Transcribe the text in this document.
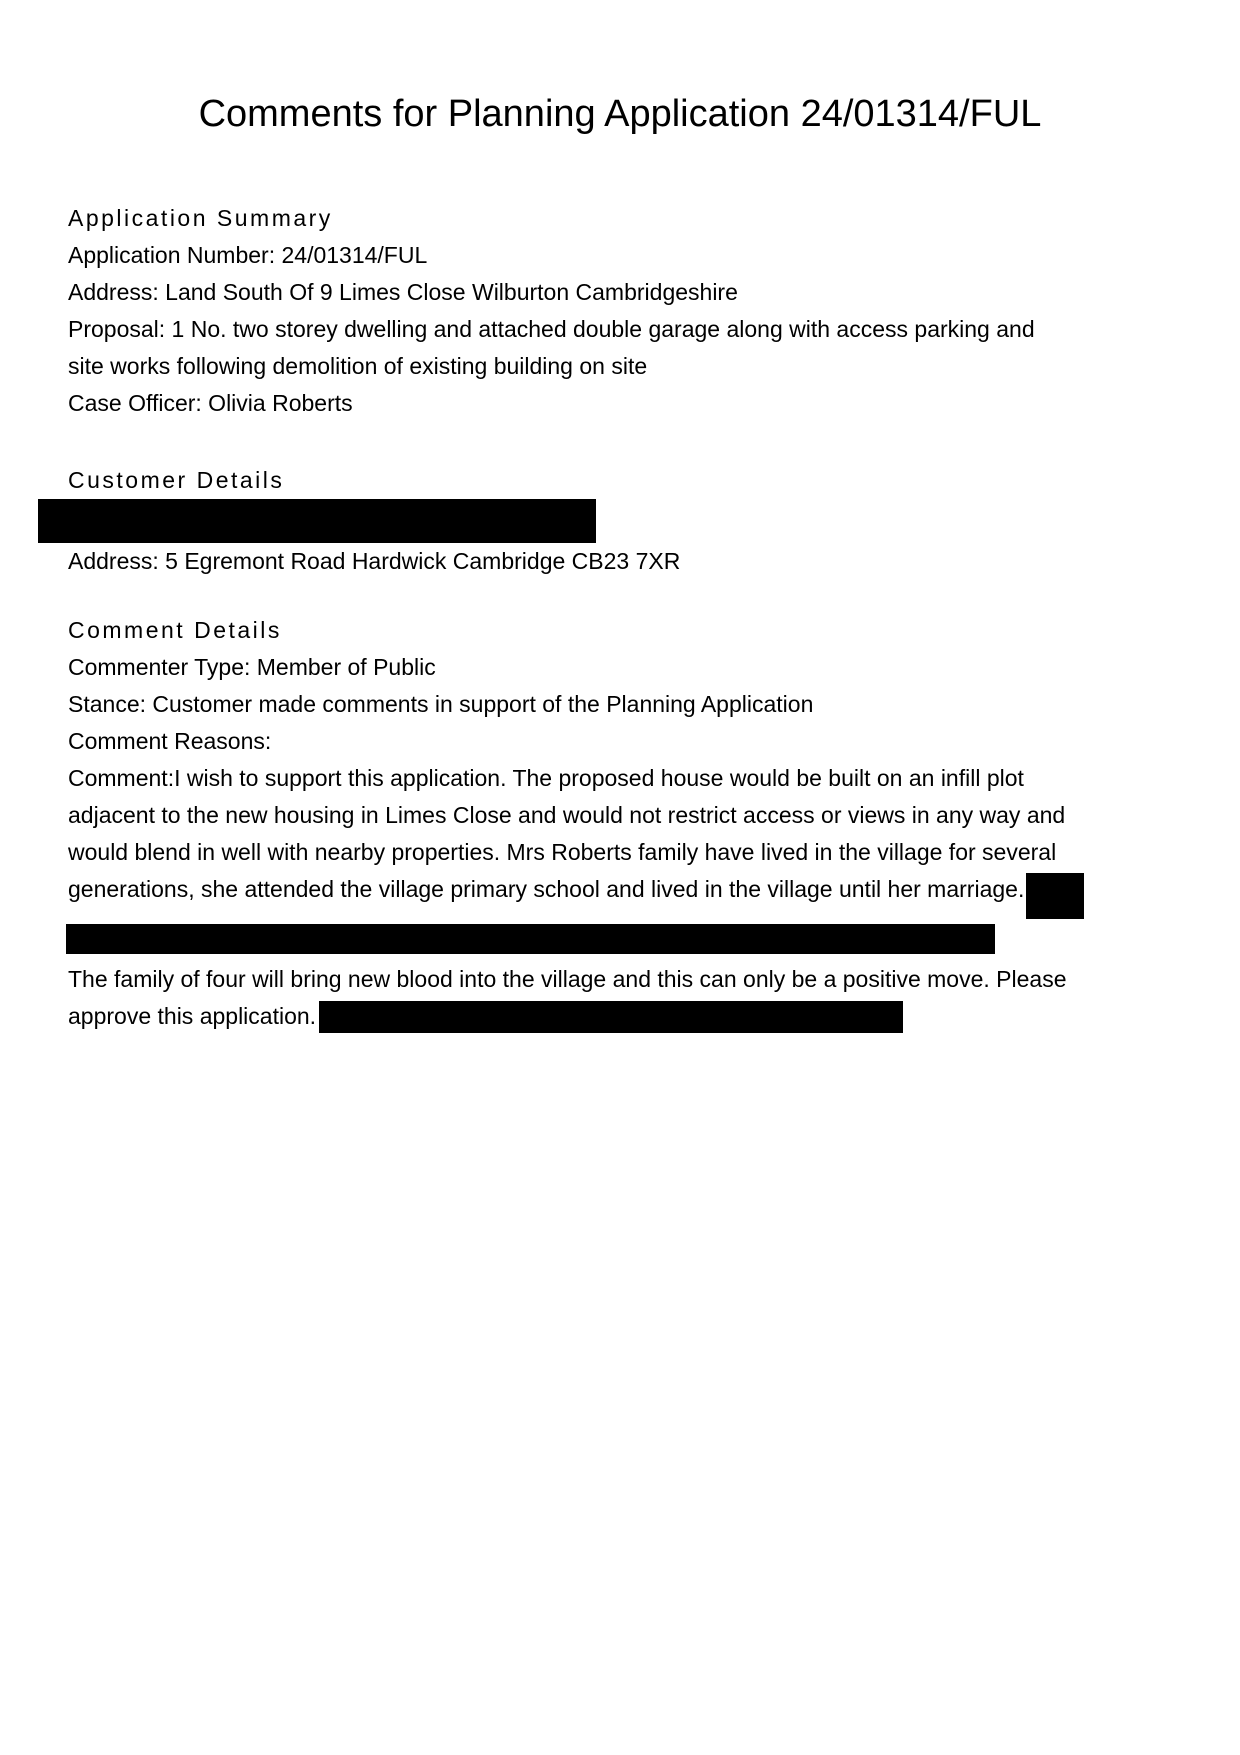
Comments for Planning Application 24/01314/FUL
Application Summary
Application Number: 24/01314/FUL
Address: Land South Of 9 Limes Close Wilburton Cambridgeshire
Proposal: 1 No. two storey dwelling and attached double garage along with access parking and
site works following demolition of existing building on site
Case Officer: Olivia Roberts
Customer Details
Address: 5 Egremont Road Hardwick Cambridge CB23 7XR
Comment Details
Commenter Type: Member of Public
Stance: Customer made comments in support of the Planning Application
Comment Reasons:
Comment:I wish to support this application. The proposed house would be built on an infill plot
adjacent to the new housing in Limes Close and would not restrict access or views in any way and
would blend in well with nearby properties. Mrs Roberts family have lived in the village for several
generations, she attended the village primary school and lived in the village until her marriage.
The family of four will bring new blood into the village and this can only be a positive move. Please
approve this application.
